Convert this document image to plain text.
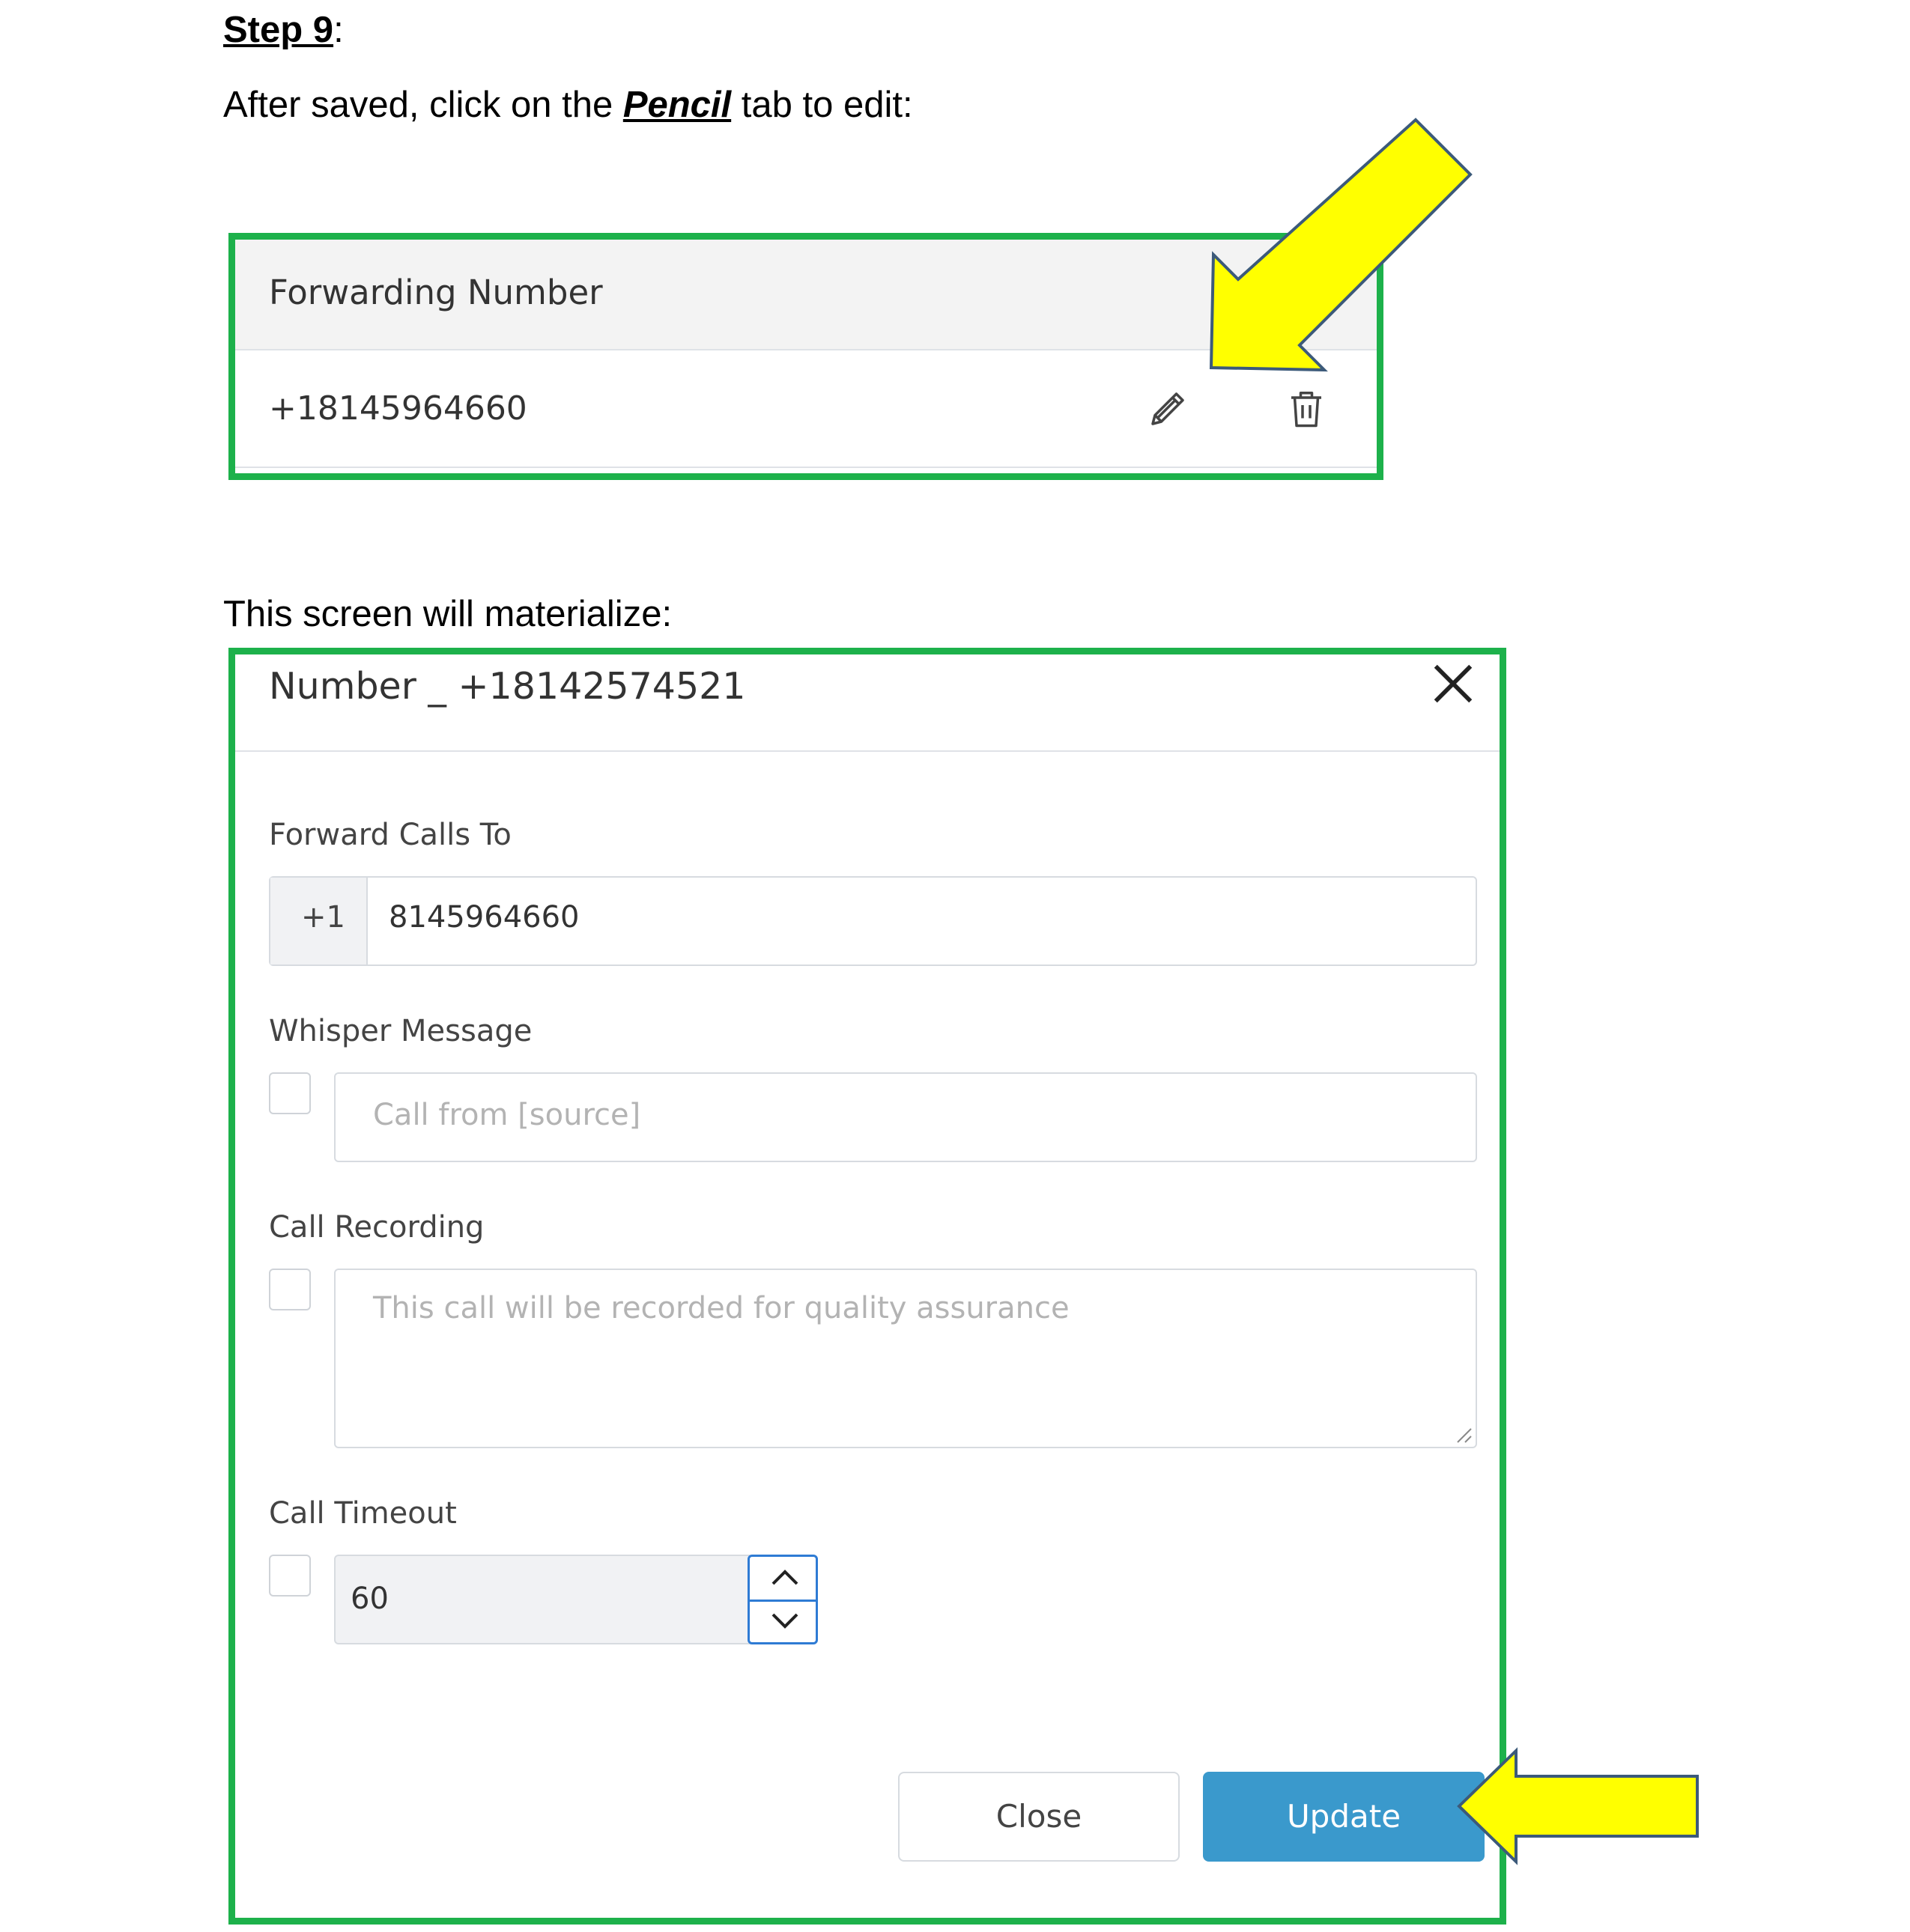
Step 9:
After saved, click on the Pencil tab to edit:
Forwarding Number
+18145964660
This screen will materialize:
Number _ +18142574521
Forward Calls To
+1 8145964660
Whisper Message
Call from [source]
Call Recording
This call will be recorded for quality assurance
Call Timeout
60
Close	Update
